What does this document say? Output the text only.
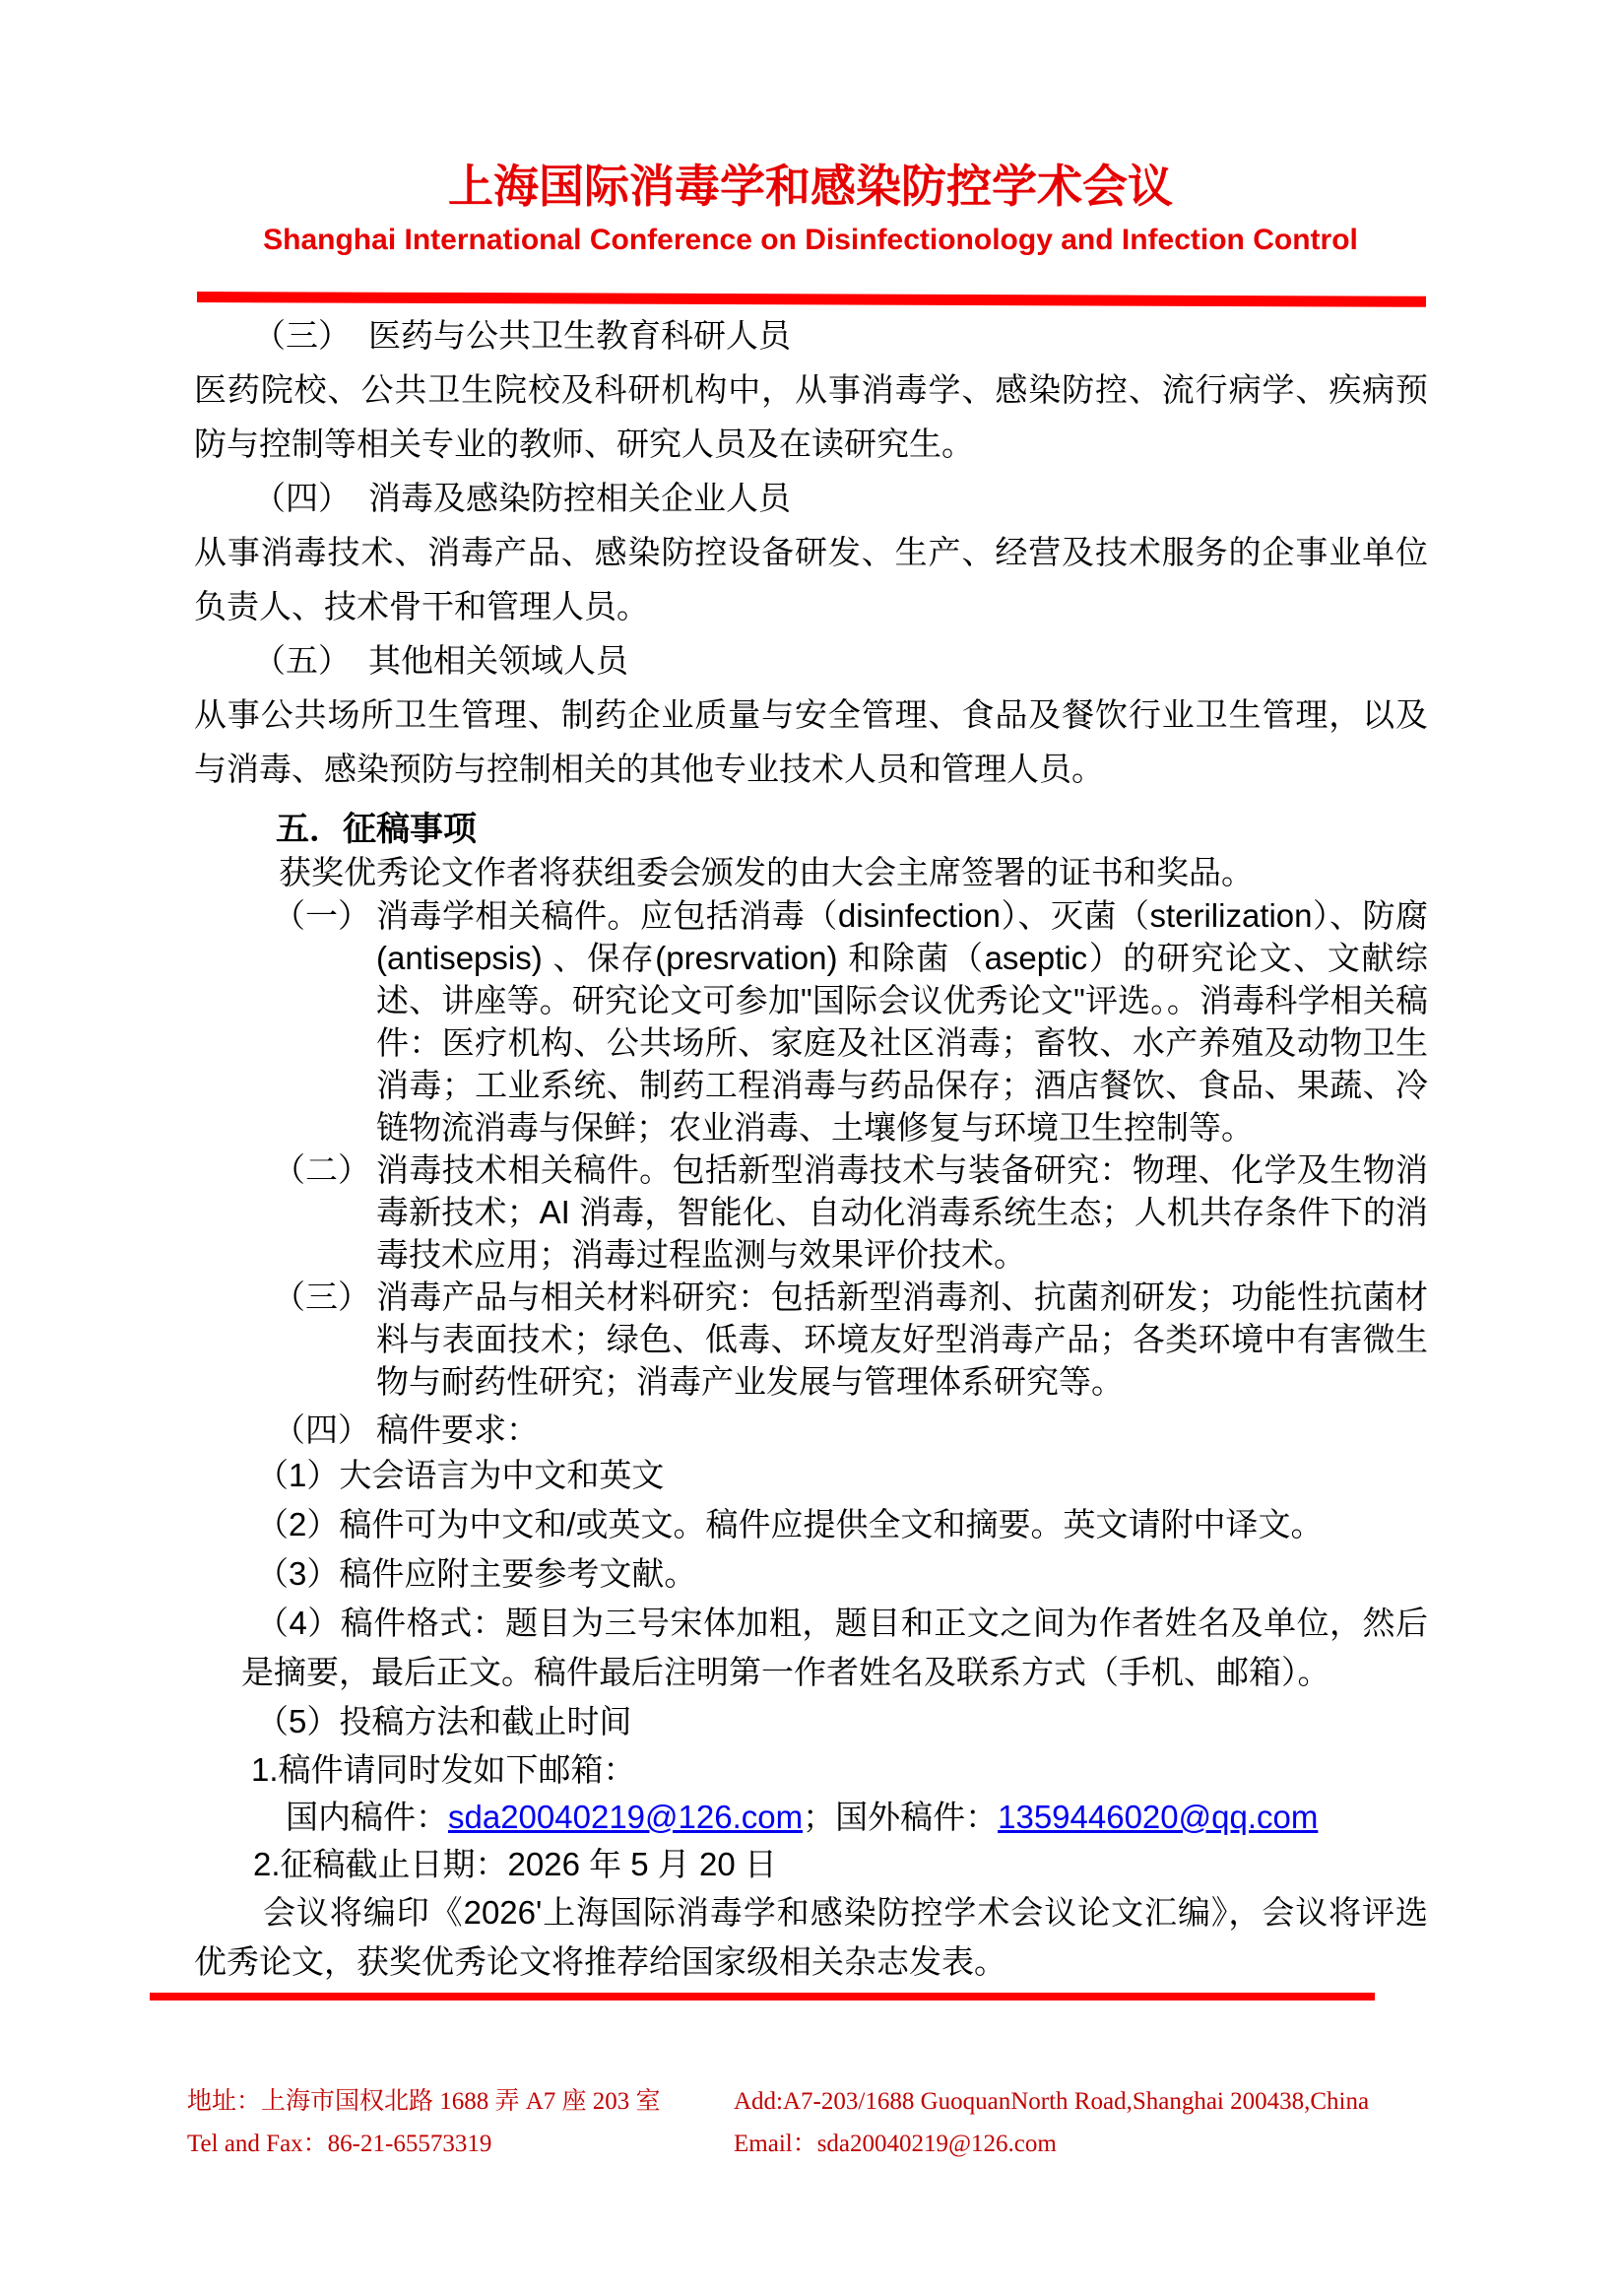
上海国际消毒学和感染防控学术会议
Shanghai International Conference on Disinfectionology and Infection Control

（三） 医药与公共卫生教育科研人员

医药院校、公共卫生院校及科研机构中，从事消毒学、感染防控、流行病学、疾病预防与控制等相关专业的教师、研究人员及在读研究生。

（四） 消毒及感染防控相关企业人员

从事消毒技术、消毒产品、感染防控设备研发、生产、经营及技术服务的企事业单位负责人、技术骨干和管理人员。

（五） 其他相关领域人员

从事公共场所卫生管理、制药企业质量与安全管理、食品及餐饮行业卫生管理，以及与消毒、感染预防与控制相关的其他专业技术人员和管理人员。

五．征稿事项

获奖优秀论文作者将获组委会颁发的由大会主席签署的证书和奖品。

（一） 消毒学相关稿件。应包括消毒（disinfection）、灭菌（sterilization）、防腐(antisepsis) 、保存(presrvation) 和除菌（aseptic）的研究论文、文献综述、讲座等。研究论文可参加"国际会议优秀论文"评选。。消毒科学相关稿件：医疗机构、公共场所、家庭及社区消毒；畜牧、水产养殖及动物卫生消毒；工业系统、制药工程消毒与药品保存；酒店餐饮、食品、果蔬、冷链物流消毒与保鲜；农业消毒、土壤修复与环境卫生控制等。

（二） 消毒技术相关稿件。包括新型消毒技术与装备研究：物理、化学及生物消毒新技术；AI 消毒，智能化、自动化消毒系统生态；人机共存条件下的消毒技术应用；消毒过程监测与效果评价技术。

（三） 消毒产品与相关材料研究：包括新型消毒剂、抗菌剂研发；功能性抗菌材料与表面技术；绿色、低毒、环境友好型消毒产品；各类环境中有害微生物与耐药性研究；消毒产业发展与管理体系研究等。

（四） 稿件要求：

（1）大会语言为中文和英文

（2）稿件可为中文和/或英文。稿件应提供全文和摘要。英文请附中译文。

（3）稿件应附主要参考文献。

（4）稿件格式：题目为三号宋体加粗，题目和正文之间为作者姓名及单位，然后是摘要，最后正文。稿件最后注明第一作者姓名及联系方式（手机、邮箱）。

（5）投稿方法和截止时间

1.稿件请同时发如下邮箱：

国内稿件：sda20040219@126.com；国外稿件：1359446020@qq.com

2.征稿截止日期：2026 年 5 月 20 日

会议将编印《2026'上海国际消毒学和感染防控学术会议论文汇编》，会议将评选优秀论文，获奖优秀论文将推荐给国家级相关杂志发表。

地址：上海市国权北路 1688 弄 A7 座 203 室	Add:A7-203/1688 GuoquanNorth Road,Shanghai 200438,China
Tel and Fax：86-21-65573319	Email：sda20040219@126.com
